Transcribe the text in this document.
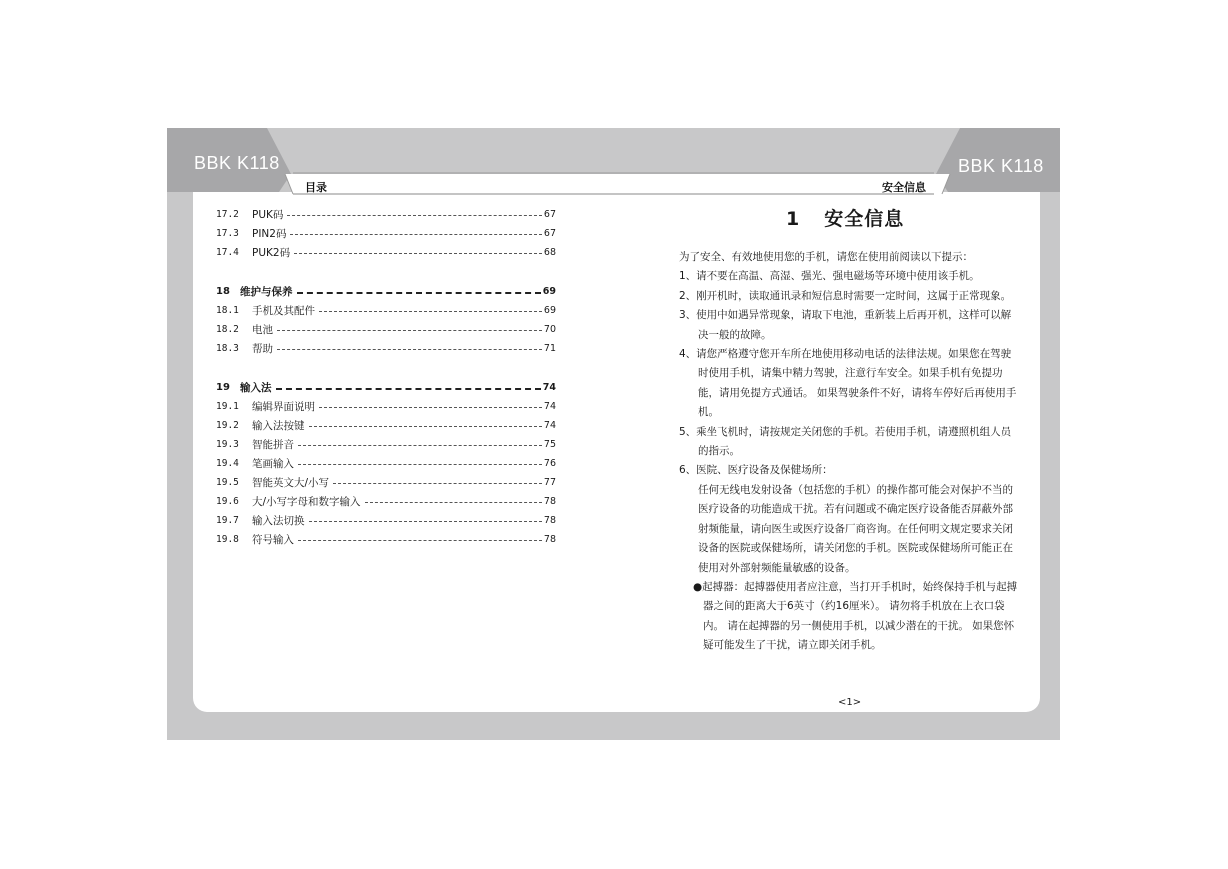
BBK K118	BBK K118
目录	安全信息
17.2	PUK码	67
17.3	PIN2码	67
17.4	PUK2码	68
18 维护与保养	69
18.1	手机及其配件	69
18.2	电池	70
18.3	帮助	71
19 输入法	74
19.1	编辑界面说明	74
19.2	输入法按键	74
19.3	智能拼音	75
19.4	笔画输入	76
19.5	智能英文大/小写	77
19.6	大/小写字母和数字输入	78
19.7	输入法切换	78
19.8	符号输入	78
1 安全信息

为了安全、有效地使用您的手机，请您在使用前阅读以下提示：

1、请不要在高温、高湿、强光、强电磁场等环境中使用该手机。

2、刚开机时，读取通讯录和短信息时需要一定时间，这属于正常现象。

3、使用中如遇异常现象，请取下电池，重新装上后再开机，这样可以解决一般的故障。

4、请您严格遵守您开车所在地使用移动电话的法律法规。如果您在驾驶时使用手机，请集中精力驾驶，注意行车安全。如果手机有免提功能，请用免提方式通话。 如果驾驶条件不好，请将车停好后再使用手机。

5、乘坐飞机时，请按规定关闭您的手机。若使用手机，请遵照机组人员的指示。

6、医院、医疗设备及保健场所：

任何无线电发射设备（包括您的手机）的操作都可能会对保护不当的医疗设备的功能造成干扰。若有问题或不确定医疗设备能否屏蔽外部射频能量，请向医生或医疗设备厂商咨询。在任何明文规定要求关闭设备的医院或保健场所，请关闭您的手机。医院或保健场所可能正在使用对外部射频能量敏感的设备。

●起搏器：起搏器使用者应注意，当打开手机时，始终保持手机与起搏器之间的距离大于6英寸（约16厘米）。 请勿将手机放在上衣口袋内。 请在起搏器的另一侧使用手机，以减少潜在的干扰。 如果您怀疑可能发生了干扰，请立即关闭手机。

<1>
